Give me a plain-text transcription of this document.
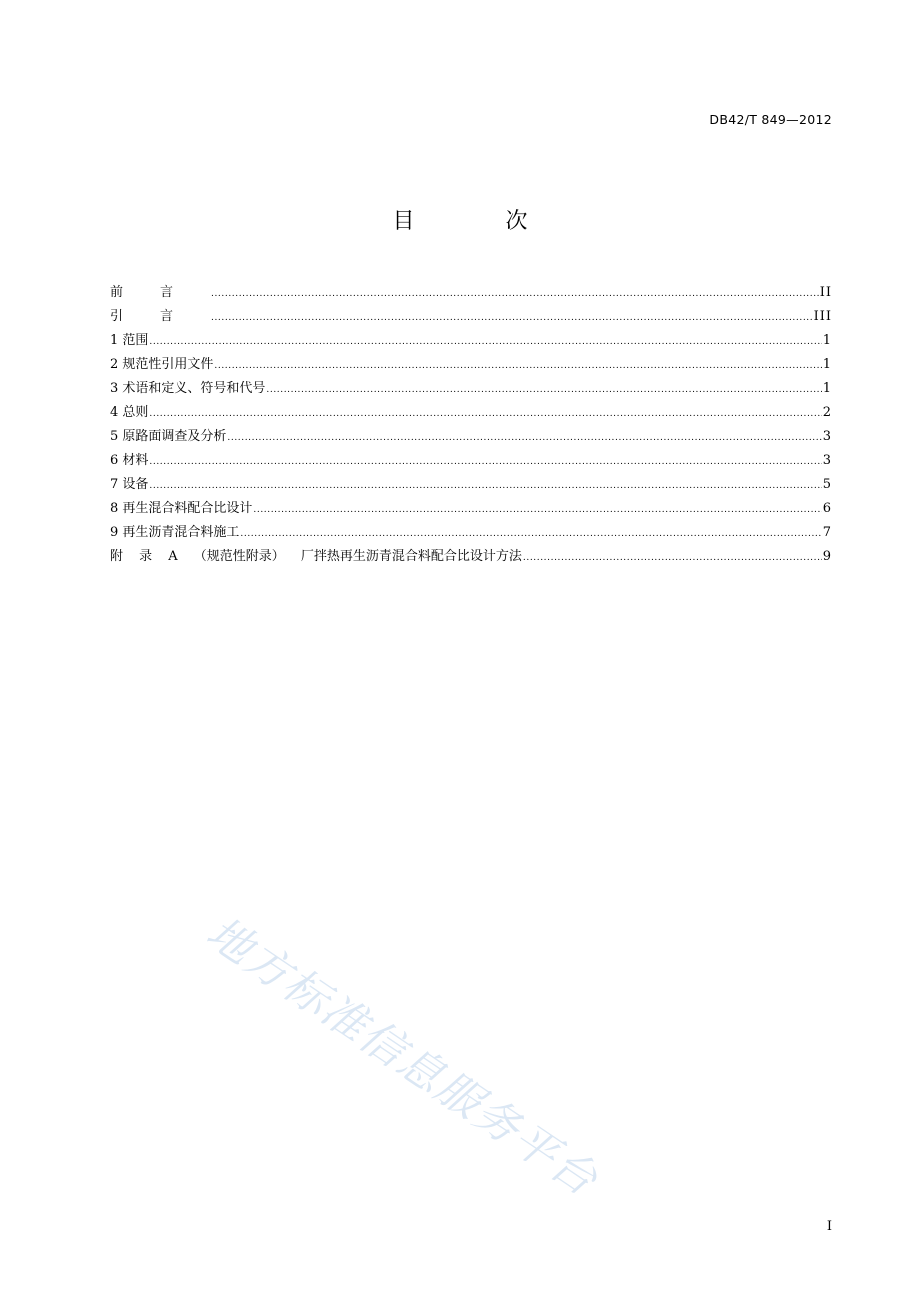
DB42/T 849—2012
目 次
前言 .....	II
引言 .....	III
1 范围 .....	1
2 规范性引用文件 .....	1
3 术语和定义、符号和代号 .....	1
4 总则 .....	2
5 原路面调查及分析 .....	3
6 材料 .....	3
7 设备 .....	5
8 再生混合料配合比设计 .....	6
9 再生沥青混合料施工 .....	7
附 录 A （规范性附录） 厂拌热再生沥青混合料配合比设计方法 .....	9
地方标准信息服务平台
I
